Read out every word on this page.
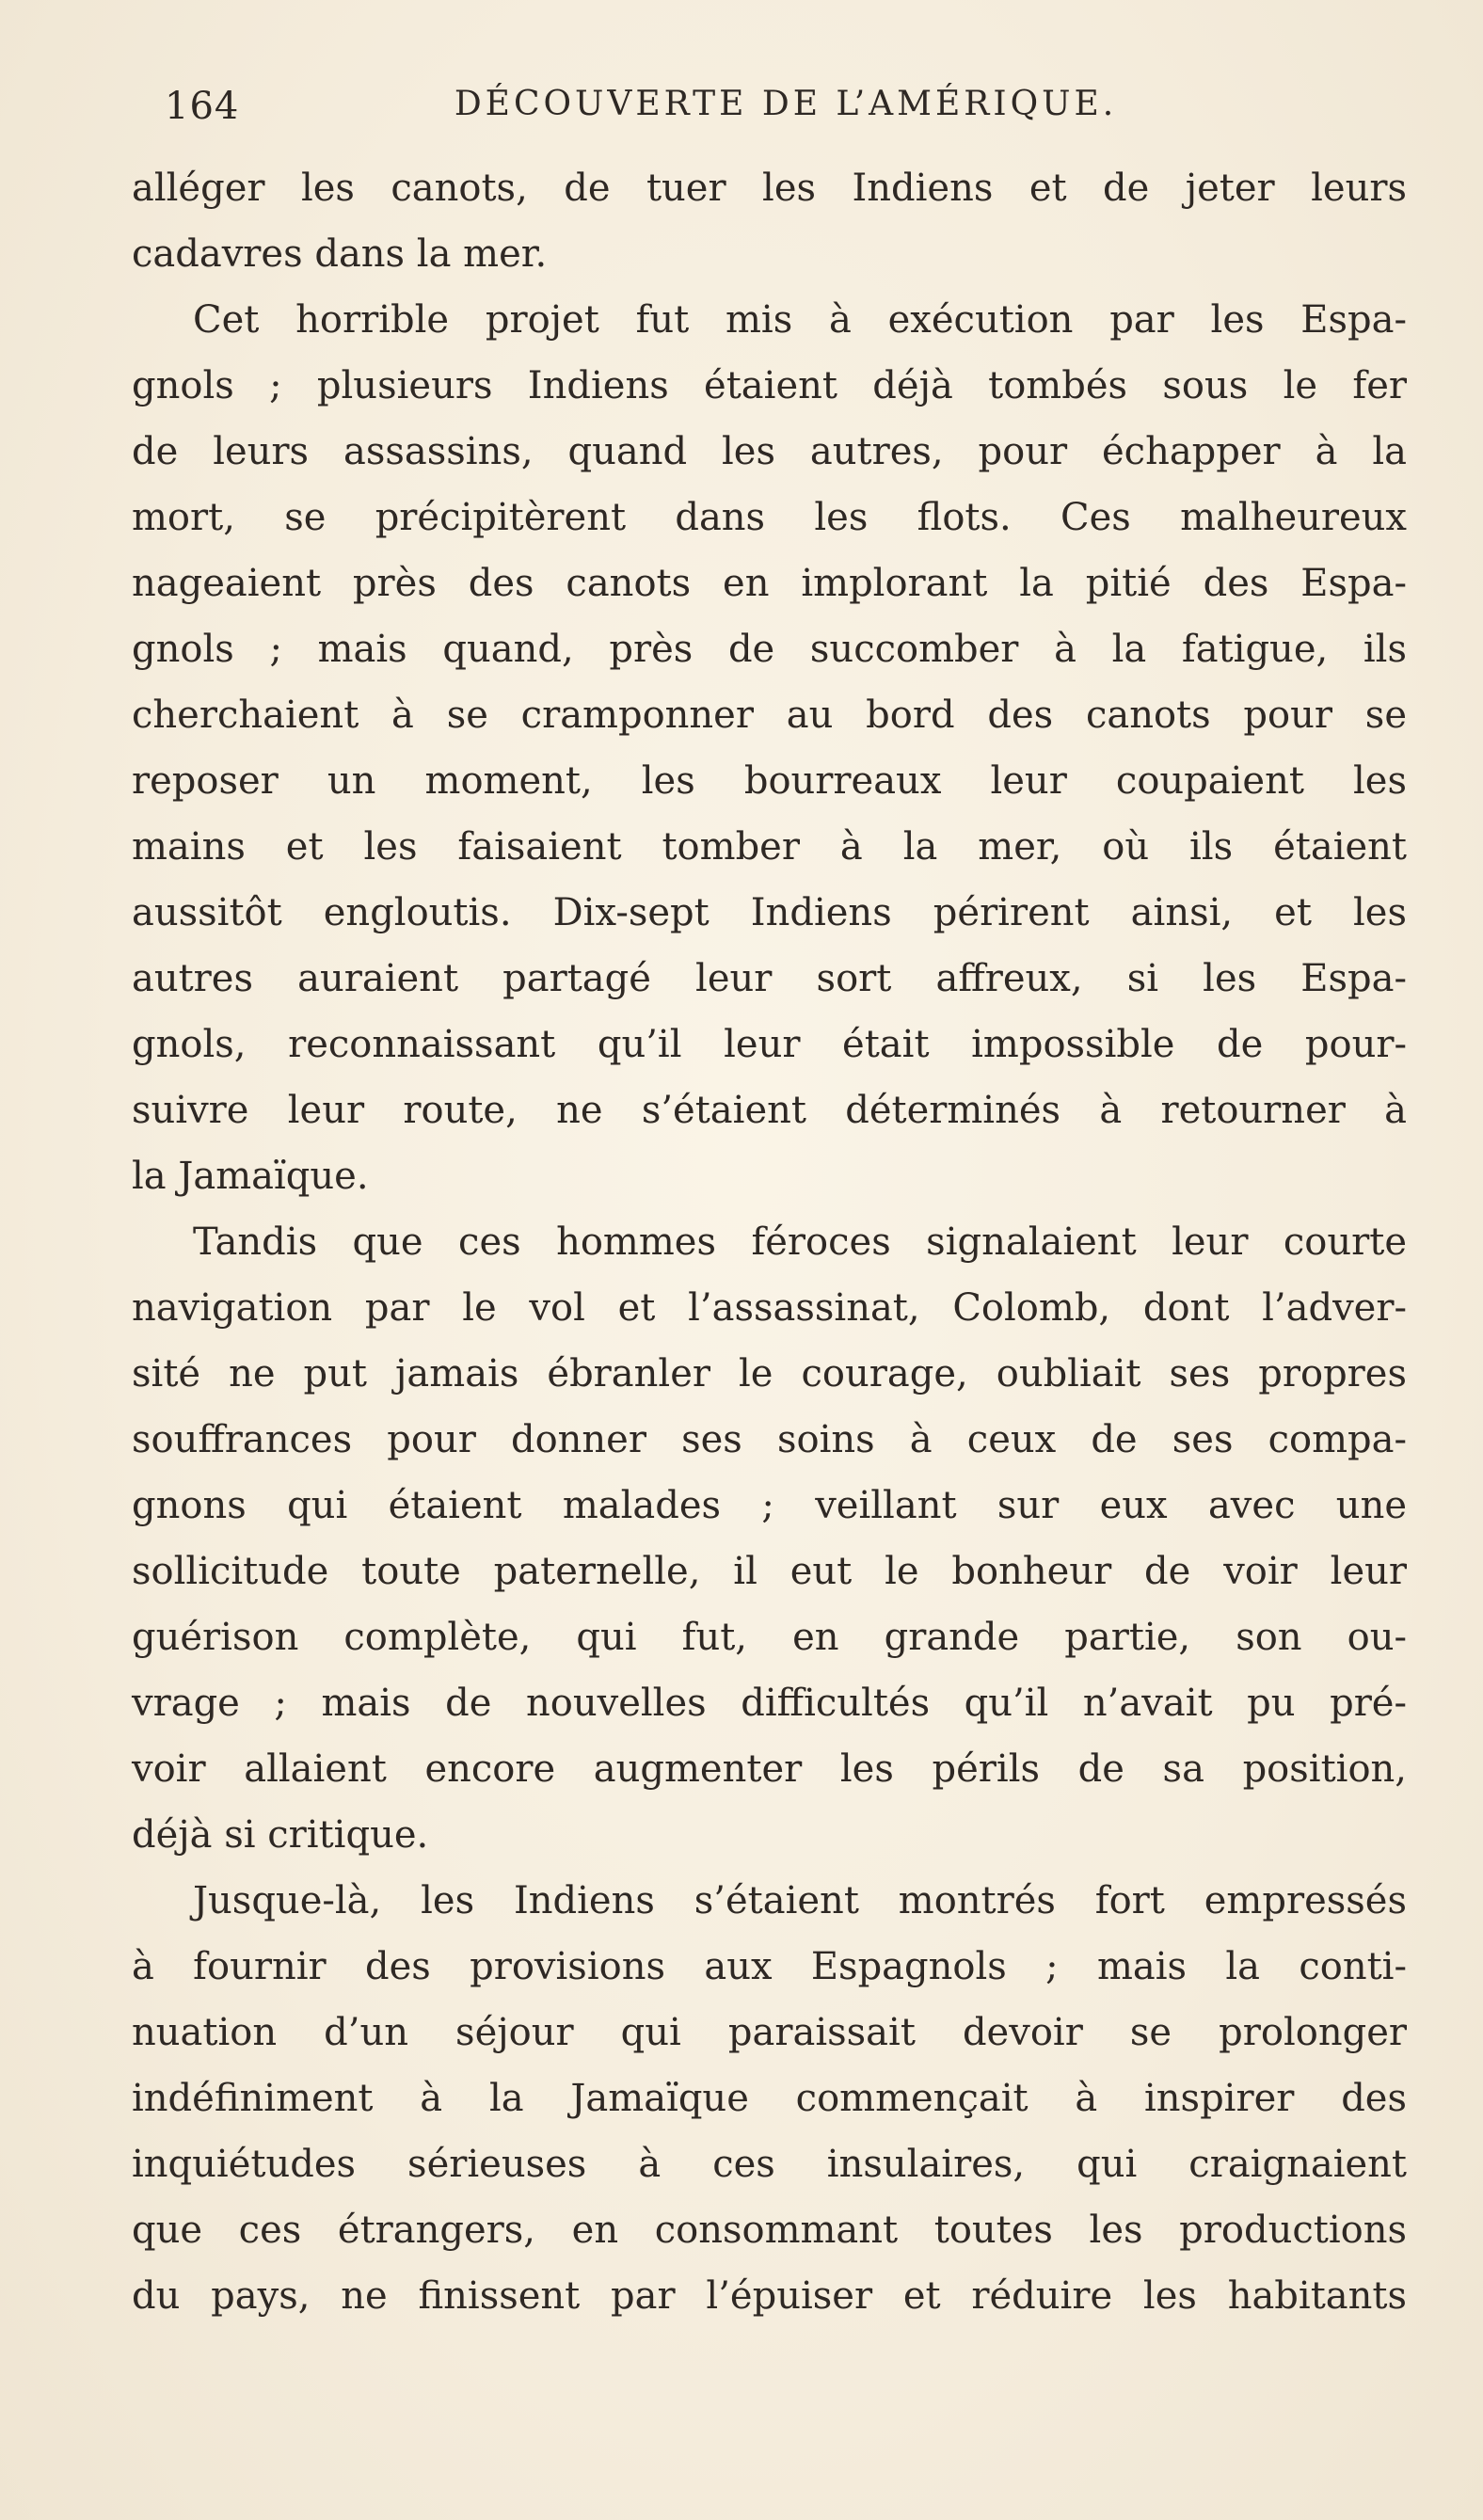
164	DÉCOUVERTE DE L’AMÉRIQUE.
alléger les canots, de tuer les Indiens et de jeter leurs
cadavres dans la mer.
Cet horrible projet fut mis à exécution par les Espa-
gnols ; plusieurs Indiens étaient déjà tombés sous le fer
de leurs assassins, quand les autres, pour échapper à la
mort, se précipitèrent dans les flots. Ces malheureux
nageaient près des canots en implorant la pitié des Espa-
gnols ; mais quand, près de succomber à la fatigue, ils
cherchaient à se cramponner au bord des canots pour se
reposer un moment, les bourreaux leur coupaient les
mains et les faisaient tomber à la mer, où ils étaient
aussitôt engloutis. Dix-sept Indiens périrent ainsi, et les
autres auraient partagé leur sort affreux, si les Espa-
gnols, reconnaissant qu’il leur était impossible de pour-
suivre leur route, ne s’étaient déterminés à retourner à
la Jamaïque.
Tandis que ces hommes féroces signalaient leur courte
navigation par le vol et l’assassinat, Colomb, dont l’adver-
sité ne put jamais ébranler le courage, oubliait ses propres
souffrances pour donner ses soins à ceux de ses compa-
gnons qui étaient malades ; veillant sur eux avec une
sollicitude toute paternelle, il eut le bonheur de voir leur
guérison complète, qui fut, en grande partie, son ou-
vrage ; mais de nouvelles difficultés qu’il n’avait pu pré-
voir allaient encore augmenter les périls de sa position,
déjà si critique.
Jusque-là, les Indiens s’étaient montrés fort empressés
à fournir des provisions aux Espagnols ; mais la conti-
nuation d’un séjour qui paraissait devoir se prolonger
indéfiniment à la Jamaïque commençait à inspirer des
inquiétudes sérieuses à ces insulaires, qui craignaient
que ces étrangers, en consommant toutes les productions
du pays, ne finissent par l’épuiser et réduire les habitants
